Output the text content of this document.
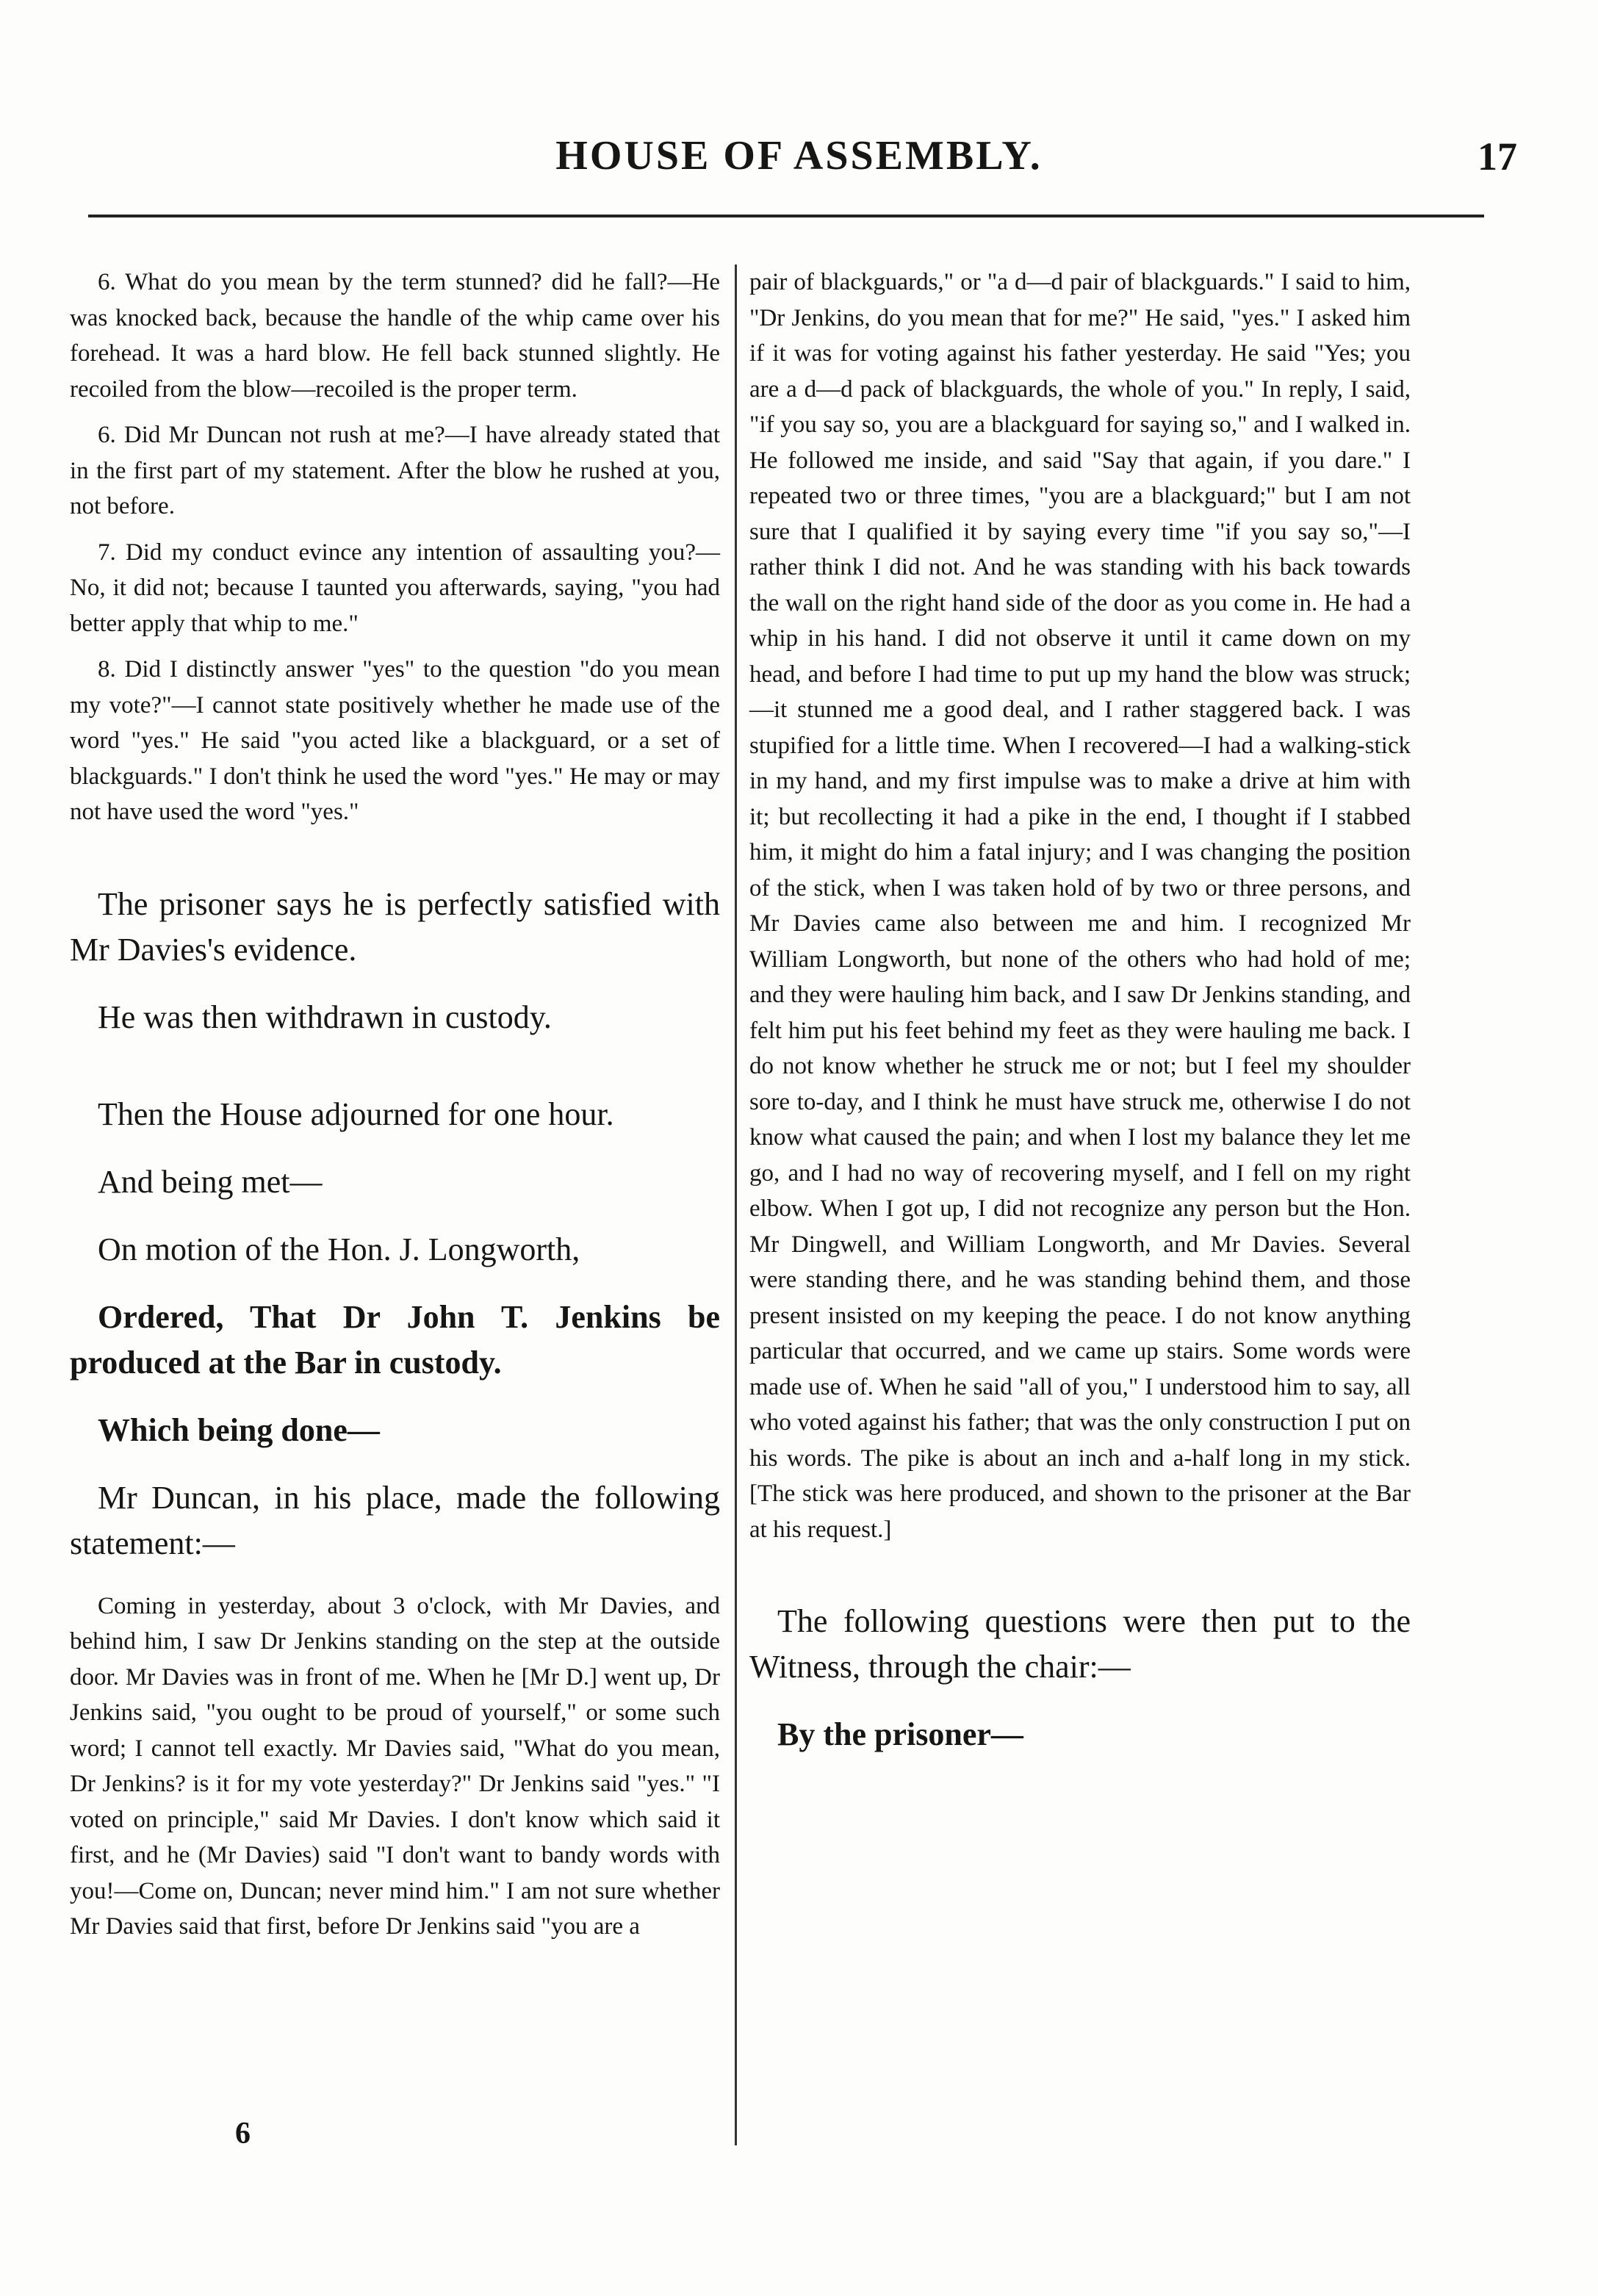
HOUSE OF ASSEMBLY.	17

6. What do you mean by the term stunned? did he fall?—He was knocked back, because the handle of the whip came over his forehead. It was a hard blow. He fell back stunned slightly. He recoiled from the blow—recoiled is the proper term.

6. Did Mr Duncan not rush at me?—I have already stated that in the first part of my statement. After the blow he rushed at you, not before.

7. Did my conduct evince any intention of assaulting you?—No, it did not; because I taunted you afterwards, saying, "you had better apply that whip to me."

8. Did I distinctly answer "yes" to the question "do you mean my vote?"—I cannot state positively whether he made use of the word "yes." He said "you acted like a blackguard, or a set of blackguards." I don't think he used the word "yes." He may or may not have used the word "yes."

The prisoner says he is perfectly satisfied with Mr Davies's evidence.

He was then withdrawn in custody.

Then the House adjourned for one hour.

And being met—

On motion of the Hon. J. Longworth,

Ordered, That Dr John T. Jenkins be produced at the Bar in custody.

Which being done—

Mr Duncan, in his place, made the following statement:—

Coming in yesterday, about 3 o'clock, with Mr Davies, and behind him, I saw Dr Jenkins standing on the step at the outside door. Mr Davies was in front of me. When he [Mr D.] went up, Dr Jenkins said, "you ought to be proud of yourself," or some such word; I cannot tell exactly. Mr Davies said, "What do you mean, Dr Jenkins? is it for my vote yesterday?" Dr Jenkins said "yes." "I voted on principle," said Mr Davies. I don't know which said it first, and he (Mr Davies) said "I don't want to bandy words with you!—Come on, Duncan; never mind him." I am not sure whether Mr Davies said that first, before Dr Jenkins said "you are a

6

pair of blackguards," or "a d—d pair of blackguards." I said to him, "Dr Jenkins, do you mean that for me?" He said, "yes." I asked him if it was for voting against his father yesterday. He said "Yes; you are a d—d pack of blackguards, the whole of you." In reply, I said, "if you say so, you are a blackguard for saying so," and I walked in. He followed me inside, and said "Say that again, if you dare." I repeated two or three times, "you are a blackguard;" but I am not sure that I qualified it by saying every time "if you say so,"—I rather think I did not. And he was standing with his back towards the wall on the right hand side of the door as you come in. He had a whip in his hand. I did not observe it until it came down on my head, and before I had time to put up my hand the blow was struck;—it stunned me a good deal, and I rather staggered back. I was stupified for a little time. When I recovered—I had a walking-stick in my hand, and my first impulse was to make a drive at him with it; but recollecting it had a pike in the end, I thought if I stabbed him, it might do him a fatal injury; and I was changing the position of the stick, when I was taken hold of by two or three persons, and Mr Davies came also between me and him. I recognized Mr William Longworth, but none of the others who had hold of me; and they were hauling him back, and I saw Dr Jenkins standing, and felt him put his feet behind my feet as they were hauling me back. I do not know whether he struck me or not; but I feel my shoulder sore to-day, and I think he must have struck me, otherwise I do not know what caused the pain; and when I lost my balance they let me go, and I had no way of recovering myself, and I fell on my right elbow. When I got up, I did not recognize any person but the Hon. Mr Dingwell, and William Longworth, and Mr Davies. Several were standing there, and he was standing behind them, and those present insisted on my keeping the peace. I do not know anything particular that occurred, and we came up stairs. Some words were made use of. When he said "all of you," I understood him to say, all who voted against his father; that was the only construction I put on his words. The pike is about an inch and a-half long in my stick. [The stick was here produced, and shown to the prisoner at the Bar at his request.]

The following questions were then put to the Witness, through the chair:—

By the prisoner—
